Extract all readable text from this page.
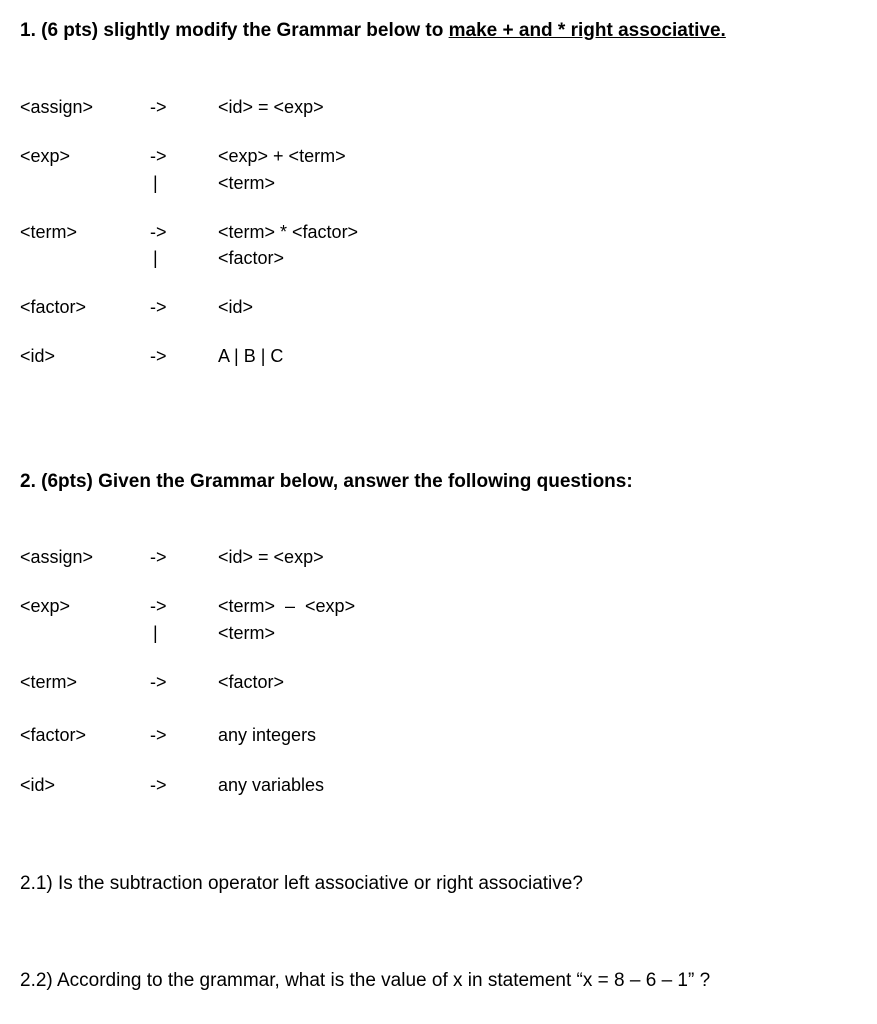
1. (6 pts) slightly modify the Grammar below to make + and * right associative.
<assign>	->	<id> = <exp>
<exp>	->	<exp> + <term>
|	<term>
<term>	->	<term> * <factor>
|	<factor>
<factor>	->	<id>
<id>	->	A | B | C
2. (6pts) Given the Grammar below, answer the following questions:
<assign>	->	<id> = <exp>
<exp>	->	<term>  –  <exp>
|	<term>
<term>	->	<factor>
<factor>	->	any integers
<id>	->	any variables
2.1) Is the subtraction operator left associative or right associative?
2.2) According to the grammar, what is the value of x in statement “x = 8 – 6 – 1” ?
